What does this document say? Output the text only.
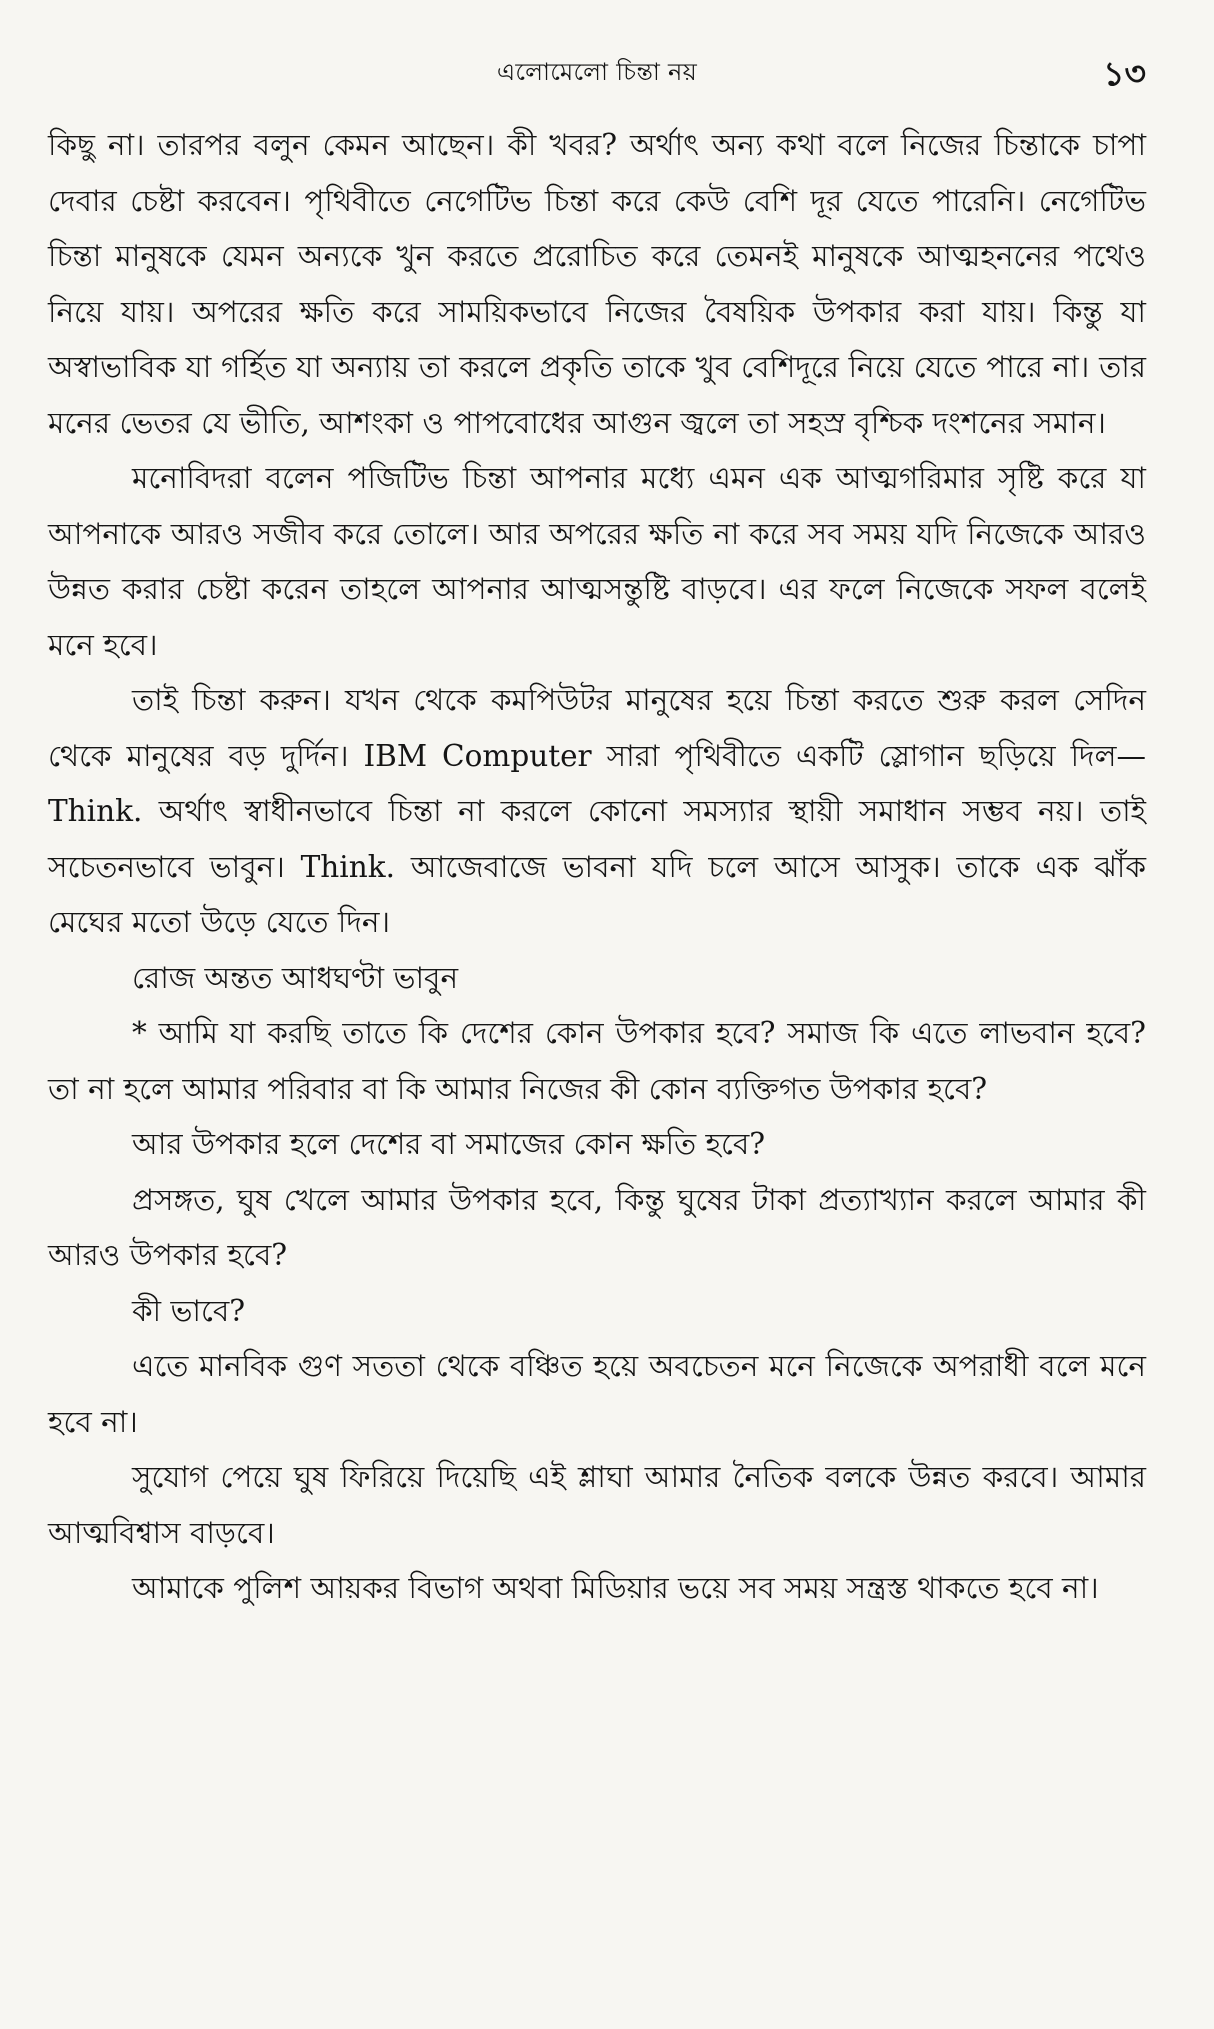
এলোমেলো চিন্তা নয়	১৩

কিছু না। তারপর বলুন কেমন আছেন। কী খবর? অর্থাৎ অন্য কথা বলে নিজের চিন্তাকে চাপা দেবার চেষ্টা করবেন। পৃথিবীতে নেগেটিভ চিন্তা করে কেউ বেশি দূর যেতে পারেনি। নেগেটিভ চিন্তা মানুষকে যেমন অন্যকে খুন করতে প্ররোচিত করে তেমনই মানুষকে আত্মহননের পথেও নিয়ে যায়। অপরের ক্ষতি করে সাময়িকভাবে নিজের বৈষয়িক উপকার করা যায়। কিন্তু যা অস্বাভাবিক যা গর্হিত যা অন্যায় তা করলে প্রকৃতি তাকে খুব বেশিদূরে নিয়ে যেতে পারে না। তার মনের ভেতর যে ভীতি, আশংকা ও পাপবোধের আগুন জ্বলে তা সহস্র বৃশ্চিক দংশনের সমান।

মনোবিদরা বলেন পজিটিভ চিন্তা আপনার মধ্যে এমন এক আত্মগরিমার সৃষ্টি করে যা আপনাকে আরও সজীব করে তোলে। আর অপরের ক্ষতি না করে সব সময় যদি নিজেকে আরও উন্নত করার চেষ্টা করেন তাহলে আপনার আত্মসন্তুষ্টি বাড়বে। এর ফলে নিজেকে সফল বলেই মনে হবে।

তাই চিন্তা করুন। যখন থেকে কমপিউটর মানুষের হয়ে চিন্তা করতে শুরু করল সেদিন থেকে মানুষের বড় দুর্দিন। IBM Computer সারা পৃথিবীতে একটি স্লোগান ছড়িয়ে দিল—Think. অর্থাৎ স্বাধীনভাবে চিন্তা না করলে কোনো সমস্যার স্থায়ী সমাধান সম্ভব নয়। তাই সচেতনভাবে ভাবুন। Think. আজেবাজে ভাবনা যদি চলে আসে আসুক। তাকে এক ঝাঁক মেঘের মতো উড়ে যেতে দিন।

রোজ অন্তত আধঘণ্টা ভাবুন

* আমি যা করছি তাতে কি দেশের কোন উপকার হবে? সমাজ কি এতে লাভবান হবে? তা না হলে আমার পরিবার বা কি আমার নিজের কী কোন ব্যক্তিগত উপকার হবে?

আর উপকার হলে দেশের বা সমাজের কোন ক্ষতি হবে?

প্রসঙ্গত, ঘুষ খেলে আমার উপকার হবে, কিন্তু ঘুষের টাকা প্রত্যাখ্যান করলে আমার কী আরও উপকার হবে?

কী ভাবে?

এতে মানবিক গুণ সততা থেকে বঞ্চিত হয়ে অবচেতন মনে নিজেকে অপরাধী বলে মনে হবে না।

সুযোগ পেয়ে ঘুষ ফিরিয়ে দিয়েছি এই শ্লাঘা আমার নৈতিক বলকে উন্নত করবে। আমার আত্মবিশ্বাস বাড়বে।

আমাকে পুলিশ আয়কর বিভাগ অথবা মিডিয়ার ভয়ে সব সময় সন্ত্রস্ত থাকতে হবে না।
